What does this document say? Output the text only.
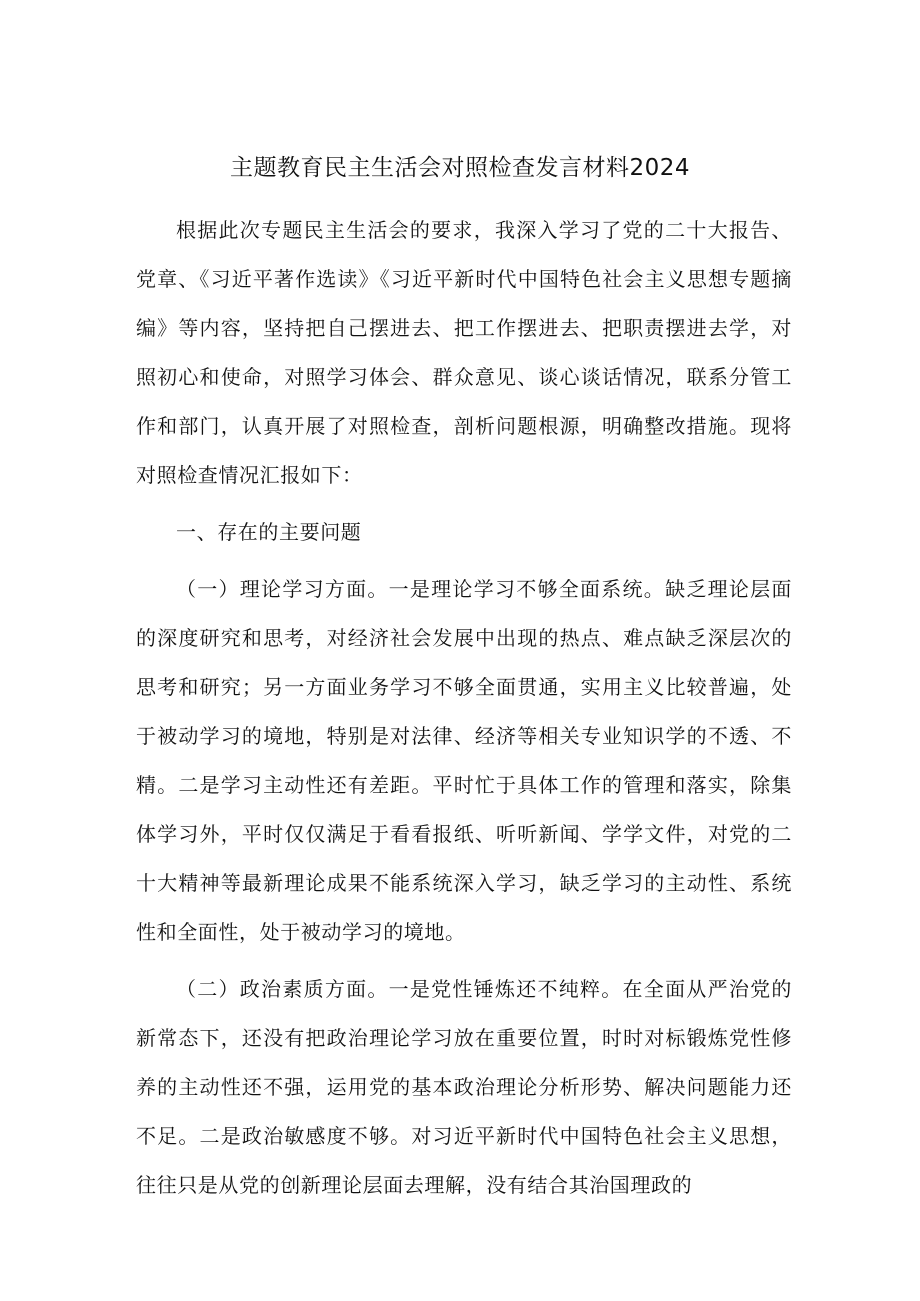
主题教育民主生活会对照检查发言材料2024

根据此次专题民主生活会的要求，我深入学习了党的二十大报告、党章、《习近平著作选读》《习近平新时代中国特色社会主义思想专题摘编》等内容，坚持把自己摆进去、把工作摆进去、把职责摆进去学，对照初心和使命，对照学习体会、群众意见、谈心谈话情况，联系分管工作和部门，认真开展了对照检查，剖析问题根源，明确整改措施。现将对照检查情况汇报如下：

一、存在的主要问题

（一）理论学习方面。一是理论学习不够全面系统。缺乏理论层面的深度研究和思考，对经济社会发展中出现的热点、难点缺乏深层次的思考和研究；另一方面业务学习不够全面贯通，实用主义比较普遍，处于被动学习的境地，特别是对法律、经济等相关专业知识学的不透、不精。二是学习主动性还有差距。平时忙于具体工作的管理和落实，除集体学习外，平时仅仅满足于看看报纸、听听新闻、学学文件，对党的二十大精神等最新理论成果不能系统深入学习，缺乏学习的主动性、系统性和全面性，处于被动学习的境地。

（二）政治素质方面。一是党性锤炼还不纯粹。在全面从严治党的新常态下，还没有把政治理论学习放在重要位置，时时对标锻炼党性修养的主动性还不强，运用党的基本政治理论分析形势、解决问题能力还不足。二是政治敏感度不够。对习近平新时代中国特色社会主义思想，往往只是从党的创新理论层面去理解，没有结合其治国理政的
